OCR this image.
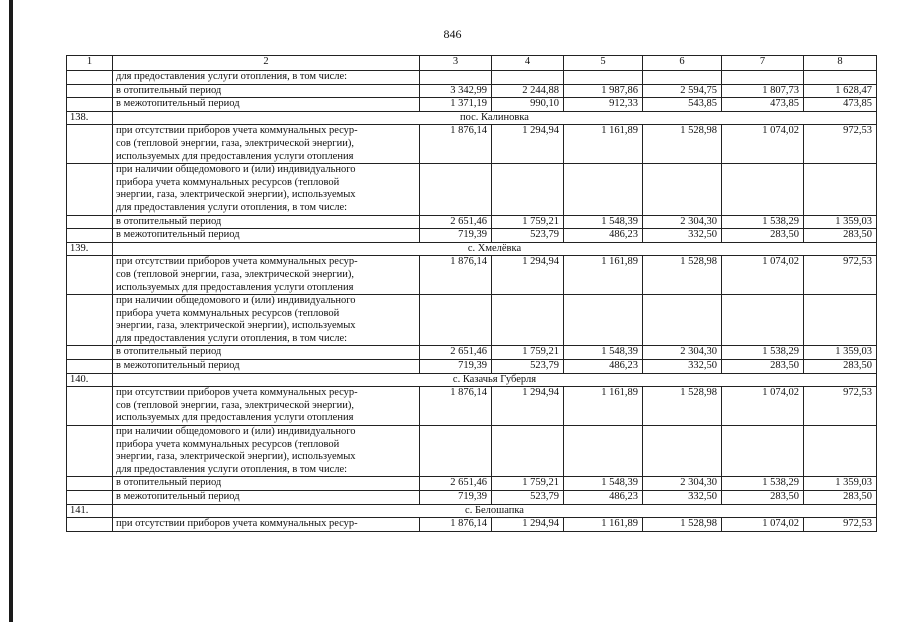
846
1	2	3	4	5	6	7	8
	для предоставления услуги отопления, в том числе:						
	в отопительный период	3 342,99	2 244,88	1 987,86	2 594,75	1 807,73	1 628,47
	в межотопительный период	1 371,19	990,10	912,33	543,85	473,85	473,85
138.	пос. Калиновка						
	при отсутствии приборов учета коммунальных ресур-
сов (тепловой энергии, газа, электрической энергии),
используемых для предоставления услуги отопления	1 876,14	1 294,94	1 161,89	1 528,98	1 074,02	972,53
	при наличии общедомового и (или) индивидуального
прибора учета коммунальных ресурсов (тепловой
энергии, газа, электрической энергии), используемых
для предоставления услуги отопления, в том числе:						
	в отопительный период	2 651,46	1 759,21	1 548,39	2 304,30	1 538,29	1 359,03
	в межотопительный период	719,39	523,79	486,23	332,50	283,50	283,50
139.	с. Хмелёвка						
	при отсутствии приборов учета коммунальных ресур-
сов (тепловой энергии, газа, электрической энергии),
используемых для предоставления услуги отопления	1 876,14	1 294,94	1 161,89	1 528,98	1 074,02	972,53
	при наличии общедомового и (или) индивидуального
прибора учета коммунальных ресурсов (тепловой
энергии, газа, электрической энергии), используемых
для предоставления услуги отопления, в том числе:						
	в отопительный период	2 651,46	1 759,21	1 548,39	2 304,30	1 538,29	1 359,03
	в межотопительный период	719,39	523,79	486,23	332,50	283,50	283,50
140.	с. Казачья Губерля						
	при отсутствии приборов учета коммунальных ресур-
сов (тепловой энергии, газа, электрической энергии),
используемых для предоставления услуги отопления	1 876,14	1 294,94	1 161,89	1 528,98	1 074,02	972,53
	при наличии общедомового и (или) индивидуального
прибора учета коммунальных ресурсов (тепловой
энергии, газа, электрической энергии), используемых
для предоставления услуги отопления, в том числе:						
	в отопительный период	2 651,46	1 759,21	1 548,39	2 304,30	1 538,29	1 359,03
	в межотопительный период	719,39	523,79	486,23	332,50	283,50	283,50
141.	с. Белошапка						
	при отсутствии приборов учета коммунальных ресур-	1 876,14	1 294,94	1 161,89	1 528,98	1 074,02	972,53
